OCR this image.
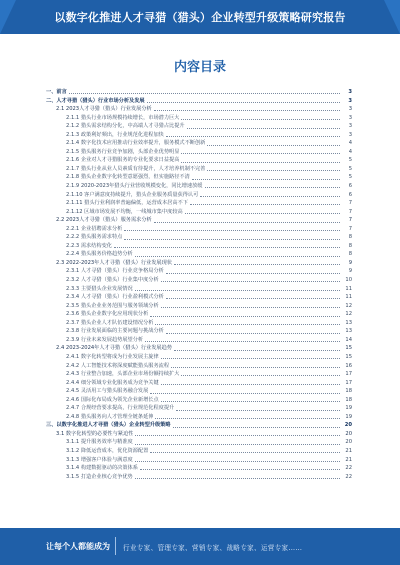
以数字化推进人才寻猎（猎头）企业转型升级策略研究报告
内容目录
一、前言	3
二、人才寻猎（猎头）行业市场分析及发展	3
2.1 2023人才寻猎（猎头）行业发展分析	3
2.1.1 猎头行业市场规模持续增长，市场潜力巨大	3
2.1.2 猎头需求结构分化，中高端人才寻猎占比提升	3
2.1.3 政策利好频出，行业规范化进程加快	3
2.1.4 数字化技术应用推动行业效率提升，服务模式不断创新	4
2.1.5 猎头服务行业竞争加剧，头部企业优势明显	4
2.1.6 企业对人才寻猎服务的专业化要求日益提高	5
2.1.7 猎头行业从业人员素质有待提升，人才培养机制不完善	5
2.1.8 猎头企业数字化转型意愿强烈，但实施路径不清	5
2.1.9 2020-2023年猎头行业营收规模变化，同比增速放缓	6
2.1.10 客户满意度持续提升，猎头企业服务质量获得认可	6
2.1.11 猎头行业利润率普遍偏低，运营成本居高不下	7
2.1.12 区域市场发展不均衡，一线城市集中度较高	7
2.2 2023人才寻猎（猎头）服务需求分析	7
2.2.1 企业招聘需求分析	7
2.2.2 猎头服务需求特点	8
2.2.3 需求结构变化	8
2.2.4 猎头服务价格趋势分析	8
2.3 2022-2023年人才寻猎（猎头）行业发展现状	9
2.3.1 人才寻猎（猎头）行业竞争格局分析	9
2.3.2 人才寻猎（猎头）行业集中度分析	10
2.3.3 主要猎头企业发展情况	11
2.3.4 人才寻猎（猎头）行业盈利模式分析	11
2.3.5 猎头企业业务范围与服务领域分析	12
2.3.6 猎头企业数字化应用现状分析	12
2.3.7 猎头企业人才队伍建设情况分析	13
2.3.8 行业发展面临的主要问题与挑战分析	13
2.3.9 行业未来发展趋势展望分析	14
2.4 2023-2024年人才寻猎（猎头）行业发展趋势	15
2.4.1 数字化转型将成为行业发展主旋律	15
2.4.2 人工智能技术将深度赋能猎头服务流程	16
2.4.3 行业整合加速，头部企业市场份额持续扩大	17
2.4.4 细分领域专业化服务成为竞争关键	17
2.4.5 灵活用工与猎头服务融合发展	18
2.4.6 国际化布局成为领先企业新增长点	18
2.4.7 合规经营要求提高，行业规范化程度提升	19
2.4.8 猎头服务向人才管理全链条延伸	19
三、以数字化推进人才寻猎（猎头）企业转型升级策略	20
3.1 数字化转型的必要性与紧迫性	20
3.1.1 提升服务效率与精准度	20
3.1.2 降低运营成本，优化资源配置	21
3.1.3 增强客户体验与满意度	21
3.1.4 构建数据驱动的决策体系	22
3.1.5 打造企业核心竞争优势	22
让每个人都能成为 行业专家、管理专家、营销专家、战略专家、运营专家……
